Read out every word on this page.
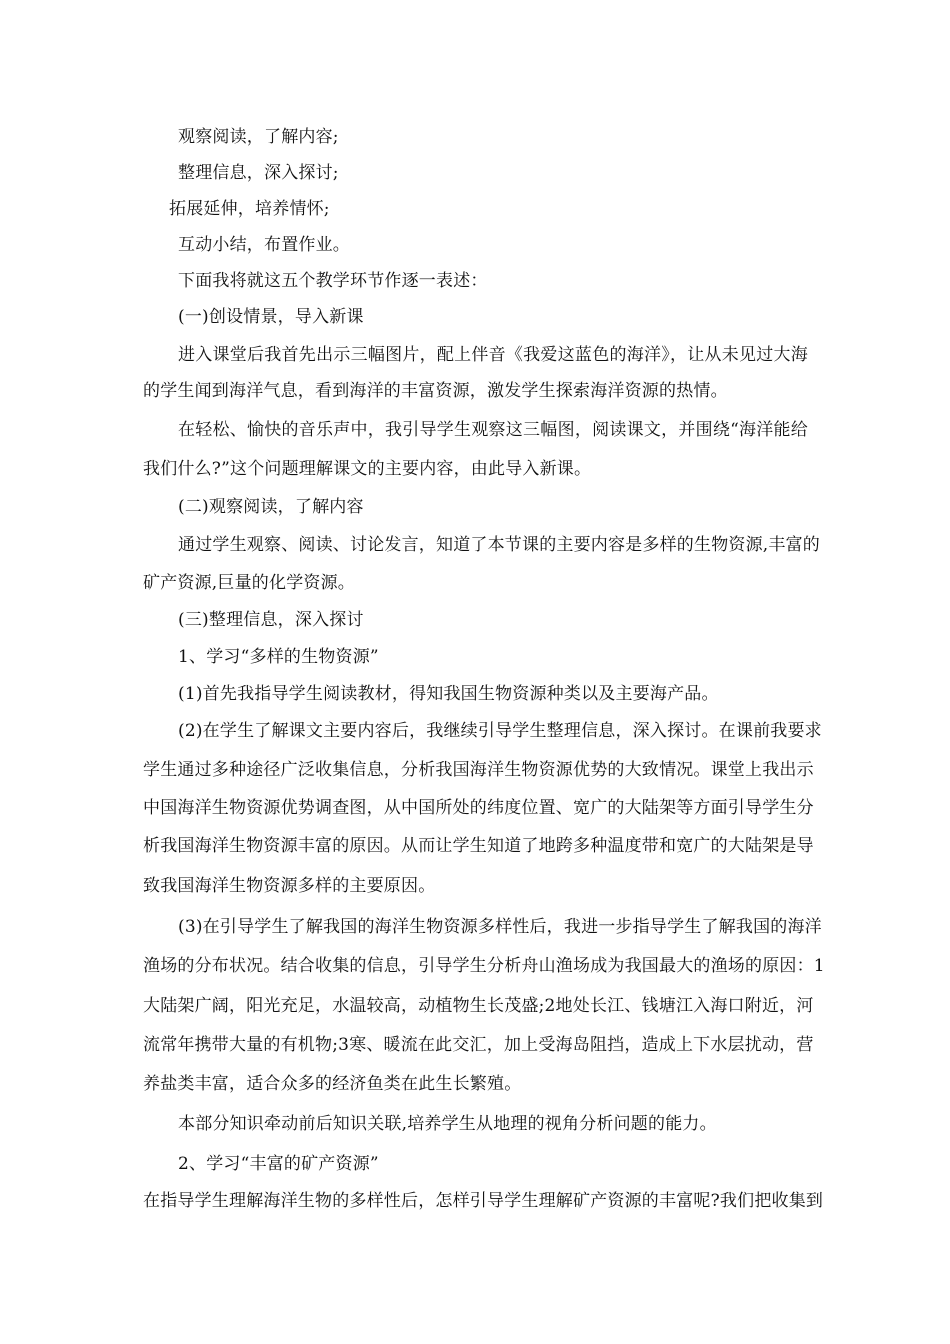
观察阅读，了解内容;
整理信息，深入探讨;
拓展延伸，培养情怀;
互动小结，布置作业。
下面我将就这五个教学环节作逐一表述：
(一)创设情景，导入新课
进入课堂后我首先出示三幅图片，配上伴音《我爱这蓝色的海洋》，让从未见过大海
的学生闻到海洋气息，看到海洋的丰富资源，激发学生探索海洋资源的热情。
在轻松、愉快的音乐声中，我引导学生观察这三幅图，阅读课文，并围绕“海洋能给
我们什么?”这个问题理解课文的主要内容，由此导入新课。
(二)观察阅读，了解内容
通过学生观察、阅读、讨论发言，知道了本节课的主要内容是多样的生物资源,丰富的
矿产资源,巨量的化学资源。
(三)整理信息，深入探讨
1、学习“多样的生物资源”
(1)首先我指导学生阅读教材，得知我国生物资源种类以及主要海产品。
(2)在学生了解课文主要内容后，我继续引导学生整理信息，深入探讨。在课前我要求
学生通过多种途径广泛收集信息，分析我国海洋生物资源优势的大致情况。课堂上我出示
中国海洋生物资源优势调查图，从中国所处的纬度位置、宽广的大陆架等方面引导学生分
析我国海洋生物资源丰富的原因。从而让学生知道了地跨多种温度带和宽广的大陆架是导
致我国海洋生物资源多样的主要原因。
(3)在引导学生了解我国的海洋生物资源多样性后，我进一步指导学生了解我国的海洋
渔场的分布状况。结合收集的信息，引导学生分析舟山渔场成为我国最大的渔场的原因：1
大陆架广阔，阳光充足，水温较高，动植物生长茂盛;2地处长江、钱塘江入海口附近，河
流常年携带大量的有机物;3寒、暖流在此交汇，加上受海岛阻挡，造成上下水层扰动，营
养盐类丰富，适合众多的经济鱼类在此生长繁殖。
本部分知识牵动前后知识关联,培养学生从地理的视角分析问题的能力。
2、学习“丰富的矿产资源”
在指导学生理解海洋生物的多样性后，怎样引导学生理解矿产资源的丰富呢?我们把收集到
